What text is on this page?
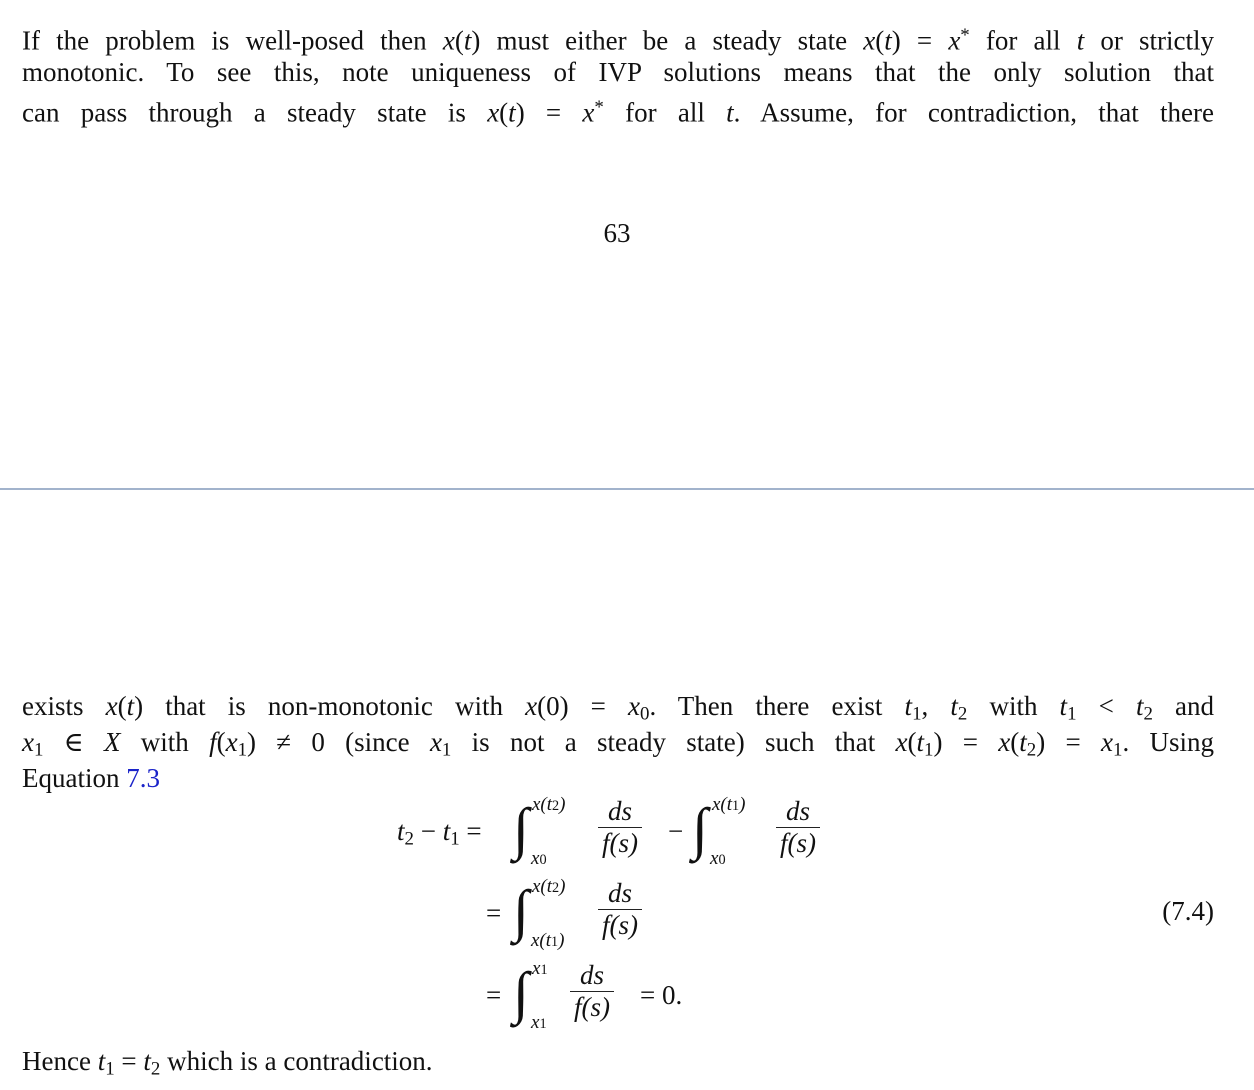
If the problem is well-posed then x(t) must either be a steady state x(t) = x* for all t or strictly
monotonic. To see this, note uniqueness of IVP solutions means that the only solution that
can pass through a steady state is x(t) = x* for all t. Assume, for contradiction, that there
63
exists x(t) that is non-monotonic with $x(0) = x_0$. Then there exist $t_1$, $t_2$ with $t_1 < t_2$ and
$x_1$ ∈ X with $f(x_1) \ne 0$ (since $x_1$ is not a steady state) such that $x(t_1) = x(t_2) = x_1$. Using
Equation 7.3
$t_2 - t_1$ = ∫ x(t2)
x0
$\frac{ds}{f(s)}$ − ∫ x(t1)
x0
$\frac{ds}{f(s)}$
= ∫ x(t2)
$x(t1) \frac{ds}{f(s)}$
= ∫ x1
x1
$\frac{ds}{f(s)} = 0$.
(7.4)
Hence $t_1 = t_2$ which is a contradiction.
